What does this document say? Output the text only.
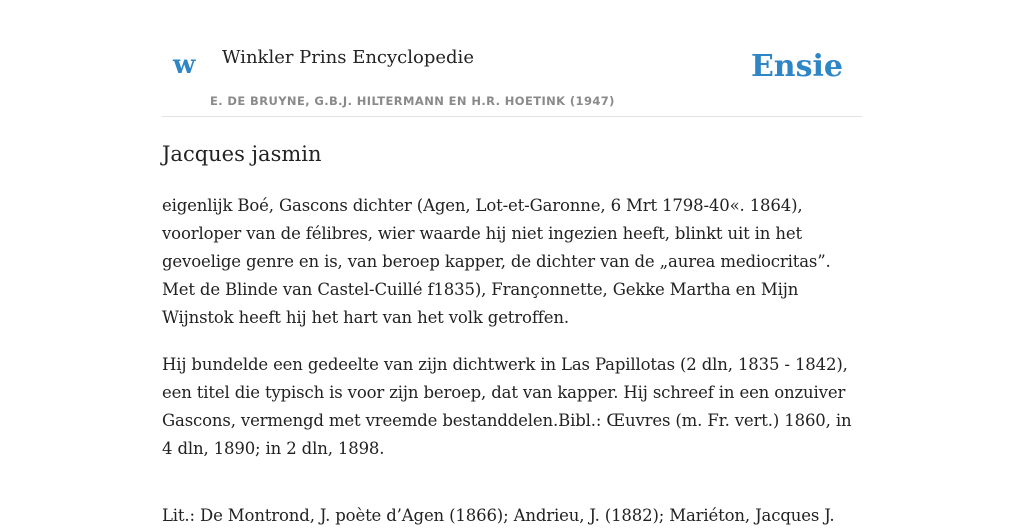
w Winkler Prins Encyclopedie
E. DE BRUYNE, G.B.J. HILTERMANN EN H.R. HOETINK (1947)
Ensie
Jacques jasmin

eigenlijk Boé, Gascons dichter (Agen, Lot-et-Garonne, 6 Mrt 1798-40«. 1864), voorloper van de félibres, wier waarde hij niet ingezien heeft, blinkt uit in het gevoelige genre en is, van beroep kapper, de dichter van de „aurea mediocritas”. Met de Blinde van Castel-Cuillé f1835), Françonnette, Gekke Martha en Mijn Wijnstok heeft hij het hart van het volk getroffen.

Hij bundelde een gedeelte van zijn dichtwerk in Las Papillotas (2 dln, 1835 - 1842), een titel die typisch is voor zijn beroep, dat van kapper. Hij schreef in een onzuiver Gascons, vermengd met vreemde bestanddelen.Bibl.: Œuvres (m. Fr. vert.) 1860, in 4 dln, 1890; in 2 dln, 1898.

Lit.: De Montrond, J. poète d’Agen (1866); Andrieu, J. (1882); Mariéton, Jacques J.
